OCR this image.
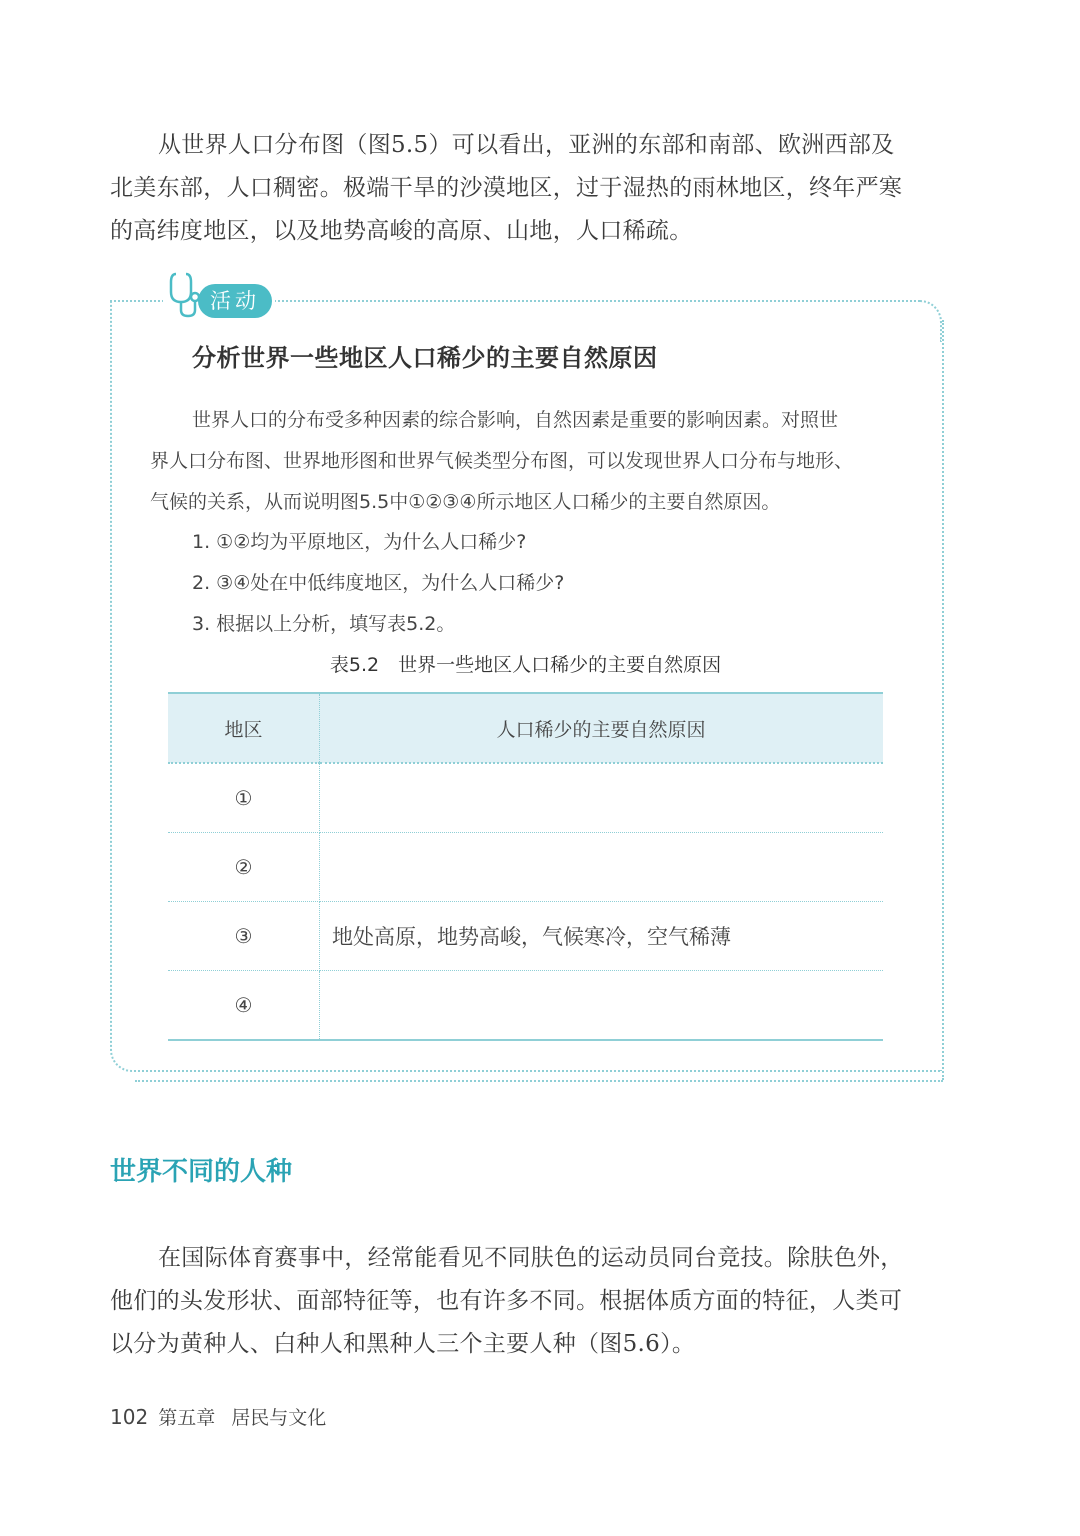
从世界人口分布图（图5.5）可以看出，亚洲的东部和南部、欧洲西部及
北美东部，人口稠密。极端干旱的沙漠地区，过于湿热的雨林地区，终年严寒
的高纬度地区，以及地势高峻的高原、山地，人口稀疏。

活动
分析世界一些地区人口稀少的主要自然原因

世界人口的分布受多种因素的综合影响，自然因素是重要的影响因素。对照世
界人口分布图、世界地形图和世界气候类型分布图，可以发现世界人口分布与地形、
气候的关系，从而说明图5.5中①②③④所示地区人口稀少的主要自然原因。

1. ①②均为平原地区，为什么人口稀少?
2. ③④处在中低纬度地区，为什么人口稀少?
3. 根据以上分析，填写表5.2。

表5.2　世界一些地区人口稀少的主要自然原因

地区	人口稀少的主要自然原因
①	
②	
③	地处高原，地势高峻，气候寒冷，空气稀薄
④	
世界不同的人种

在国际体育赛事中，经常能看见不同肤色的运动员同台竞技。除肤色外，
他们的头发形状、面部特征等，也有许多不同。根据体质方面的特征，人类可
以分为黄种人、白种人和黑种人三个主要人种（图5.6）。

102 第五章 居民与文化
